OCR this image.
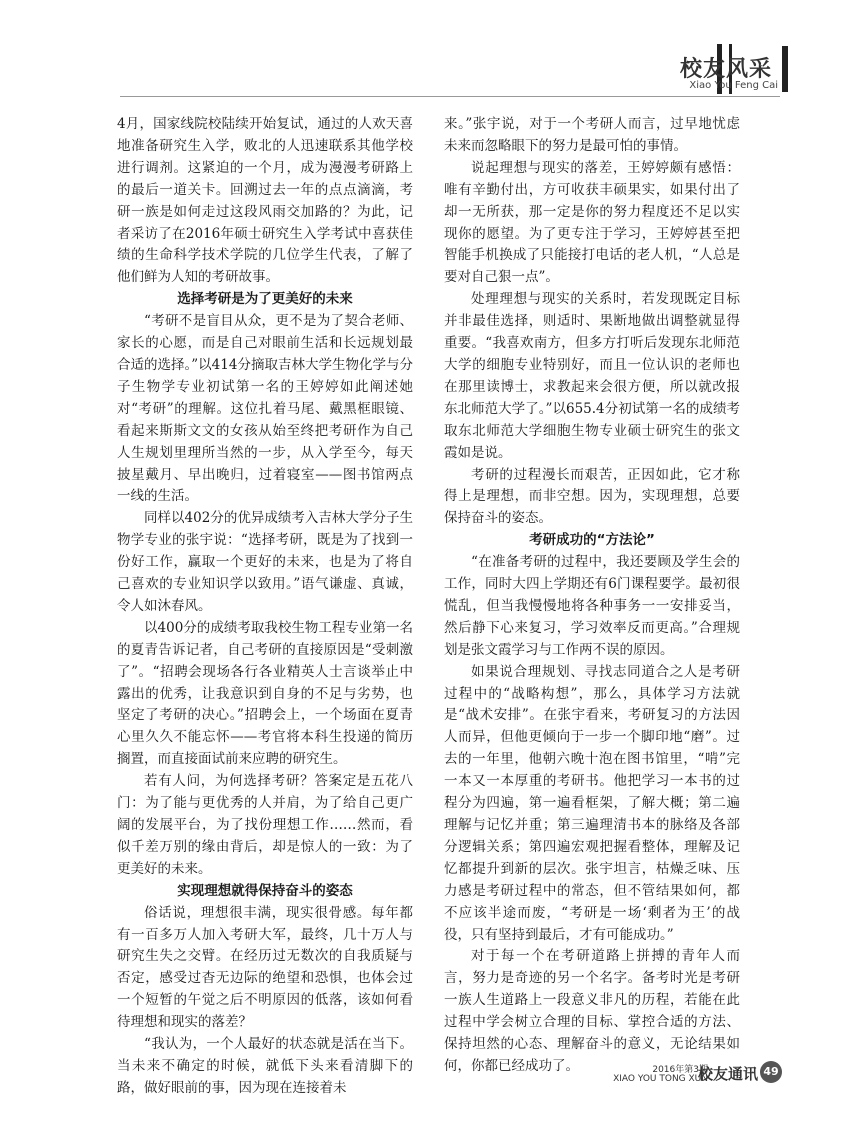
校友风采
Xiao You Feng Cai

4月，国家线院校陆续开始复试，通过的人欢天喜地准备研究生入学，败北的人迅速联系其他学校进行调剂。这紧迫的一个月，成为漫漫考研路上的最后一道关卡。回溯过去一年的点点滴滴，考研一族是如何走过这段风雨交加路的？为此，记者采访了在2016年硕士研究生入学考试中喜获佳绩的生命科学技术学院的几位学生代表，了解了他们鲜为人知的考研故事。

选择考研是为了更美好的未来

“考研不是盲目从众，更不是为了契合老师、家长的心愿，而是自己对眼前生活和长远规划最合适的选择。”以414分摘取吉林大学生物化学与分子生物学专业初试第一名的王婷婷如此阐述她对“考研”的理解。这位扎着马尾、戴黑框眼镜、看起来斯斯文文的女孩从始至终把考研作为自己人生规划里理所当然的一步，从入学至今，每天披星戴月、早出晚归，过着寝室——图书馆两点一线的生活。

同样以402分的优异成绩考入吉林大学分子生物学专业的张宇说：“选择考研，既是为了找到一份好工作，赢取一个更好的未来，也是为了将自己喜欢的专业知识学以致用。”语气谦虚、真诚，令人如沐春风。

以400分的成绩考取我校生物工程专业第一名的夏青告诉记者，自己考研的直接原因是“受刺激了”。“招聘会现场各行各业精英人士言谈举止中露出的优秀，让我意识到自身的不足与劣势，也坚定了考研的决心。”招聘会上，一个场面在夏青心里久久不能忘怀——考官将本科生投递的简历搁置，而直接面试前来应聘的研究生。

若有人问，为何选择考研？答案定是五花八门：为了能与更优秀的人并肩，为了给自己更广阔的发展平台，为了找份理想工作……然而，看似千差万别的缘由背后，却是惊人的一致：为了更美好的未来。

实现理想就得保持奋斗的姿态

俗话说，理想很丰满，现实很骨感。每年都有一百多万人加入考研大军，最终，几十万人与研究生失之交臂。在经历过无数次的自我质疑与否定，感受过杳无边际的绝望和恐惧，也体会过一个短暂的午觉之后不明原因的低落，该如何看待理想和现实的落差？

“我认为，一个人最好的状态就是活在当下。当未来不确定的时候，就低下头来看清脚下的路，做好眼前的事，因为现在连接着未

来。”张宇说，对于一个考研人而言，过早地忧虑未来而忽略眼下的努力是最可怕的事情。

说起理想与现实的落差，王婷婷颇有感悟：唯有辛勤付出，方可收获丰硕果实，如果付出了却一无所获，那一定是你的努力程度还不足以实现你的愿望。为了更专注于学习，王婷婷甚至把智能手机换成了只能接打电话的老人机，“人总是要对自己狠一点”。

处理理想与现实的关系时，若发现既定目标并非最佳选择，则适时、果断地做出调整就显得重要。“我喜欢南方，但多方打听后发现东北师范大学的细胞专业特别好，而且一位认识的老师也在那里读博士，求教起来会很方便，所以就改报东北师范大学了。”以655.4分初试第一名的成绩考取东北师范大学细胞生物专业硕士研究生的张文霞如是说。

考研的过程漫长而艰苦，正因如此，它才称得上是理想，而非空想。因为，实现理想，总要保持奋斗的姿态。

考研成功的“方法论”

“在准备考研的过程中，我还要顾及学生会的工作，同时大四上学期还有6门课程要学。最初很慌乱，但当我慢慢地将各种事务一一安排妥当，然后静下心来复习，学习效率反而更高。”合理规划是张文霞学习与工作两不误的原因。

如果说合理规划、寻找志同道合之人是考研过程中的“战略构想”，那么，具体学习方法就是“战术安排”。在张宇看来，考研复习的方法因人而异，但他更倾向于一步一个脚印地“磨”。过去的一年里，他朝六晚十泡在图书馆里，“啃”完一本又一本厚重的考研书。他把学习一本书的过程分为四遍，第一遍看框架，了解大概；第二遍理解与记忆并重；第三遍理清书本的脉络及各部分逻辑关系；第四遍宏观把握看整体，理解及记忆都提升到新的层次。张宇坦言，枯燥乏味、压力感是考研过程中的常态，但不管结果如何，都不应该半途而废，“考研是一场‘剩者为王’的战役，只有坚持到最后，才有可能成功。”

对于每一个在考研道路上拼搏的青年人而言，努力是奇迹的另一个名字。备考时光是考研一族人生道路上一段意义非凡的历程，若能在此过程中学会树立合理的目标、掌控合适的方法、保持坦然的心态、理解奋斗的意义，无论结果如何，你都已经成功了。	2016年第3期
XIAO YOU TONG XUN
校友通讯 49
